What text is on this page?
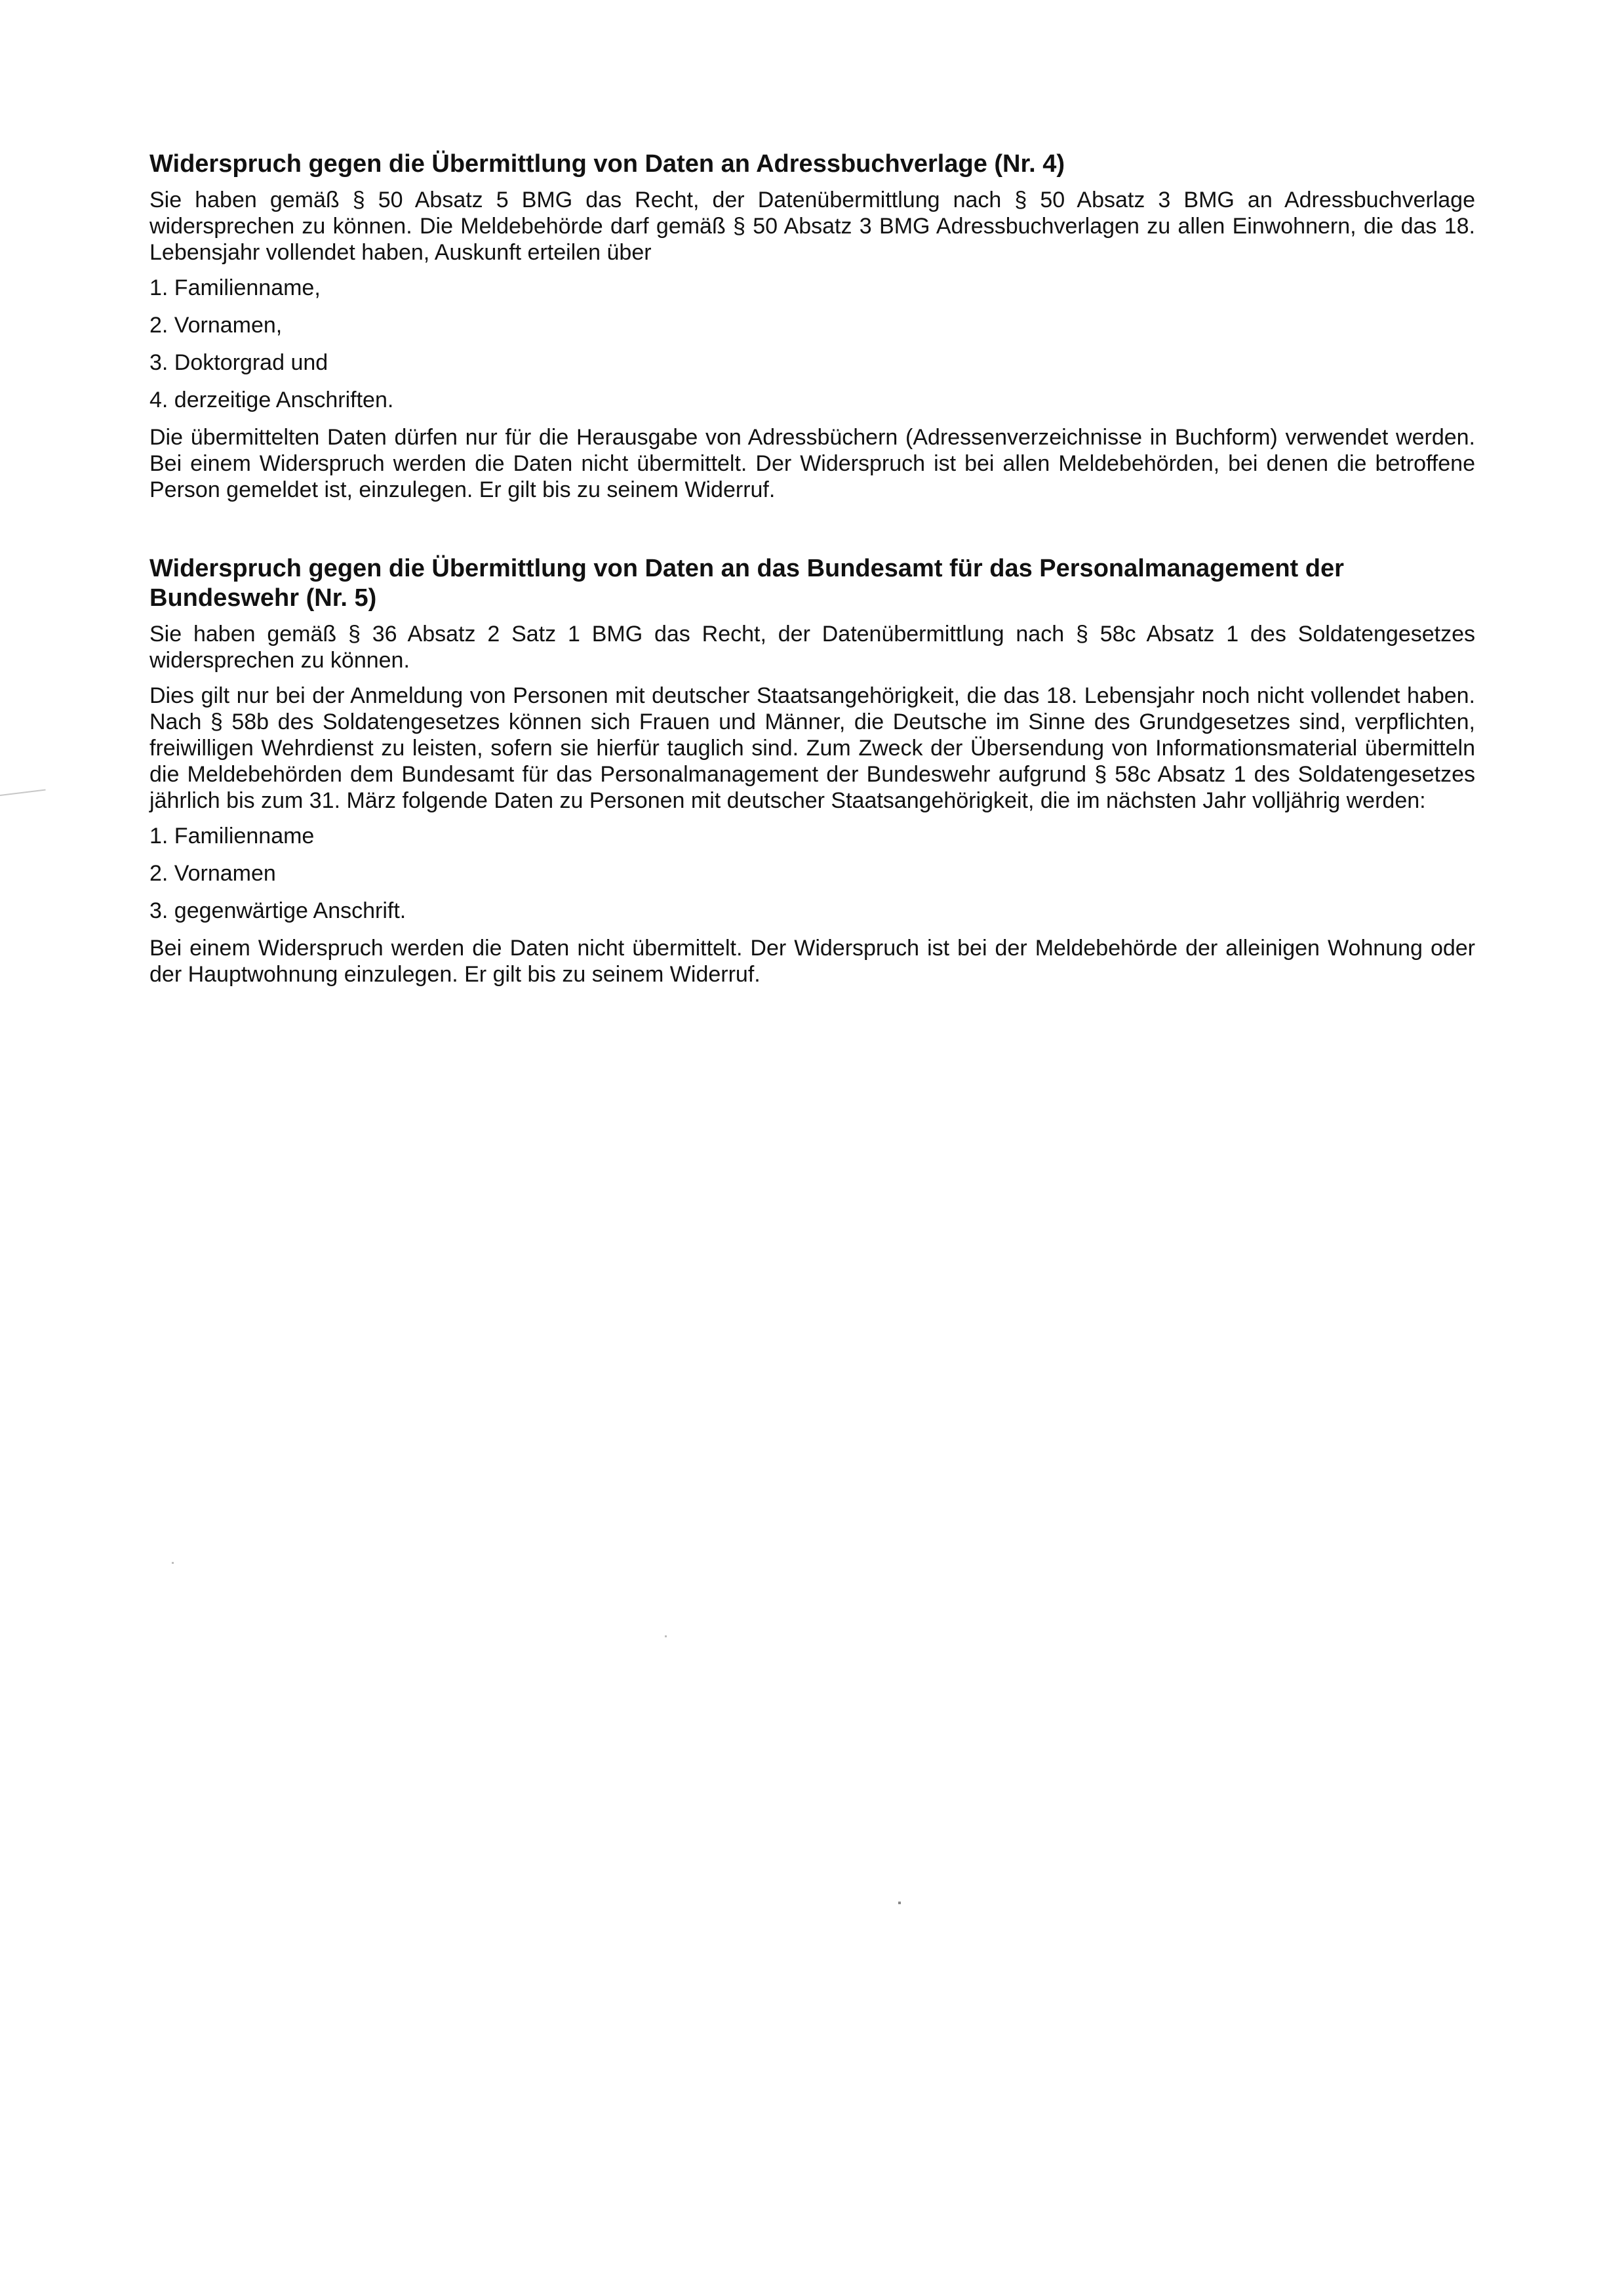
Widerspruch gegen die Übermittlung von Daten an Adressbuchverlage (Nr. 4)

Sie haben gemäß § 50 Absatz 5 BMG das Recht, der Datenübermittlung nach § 50 Absatz 3 BMG an Adressbuchverlage widersprechen zu können. Die Meldebehörde darf gemäß § 50 Absatz 3 BMG Adressbuchverlagen zu allen Einwohnern, die das 18. Lebensjahr vollendet haben, Auskunft erteilen über

1. Familienname,
2. Vornamen,
3. Doktorgrad und
4. derzeitige Anschriften.

Die übermittelten Daten dürfen nur für die Herausgabe von Adressbüchern (Adressenverzeichnisse in Buchform) verwendet werden. Bei einem Widerspruch werden die Daten nicht übermittelt. Der Widerspruch ist bei allen Meldebehörden, bei denen die betroffene Person gemeldet ist, einzulegen. Er gilt bis zu seinem Widerruf.

Widerspruch gegen die Übermittlung von Daten an das Bundesamt für das Personalmanagement der Bundeswehr (Nr. 5)

Sie haben gemäß § 36 Absatz 2 Satz 1 BMG das Recht, der Datenübermittlung nach § 58c Absatz 1 des Soldatengesetzes widersprechen zu können.

Dies gilt nur bei der Anmeldung von Personen mit deutscher Staatsangehörigkeit, die das 18. Lebensjahr noch nicht vollendet haben. Nach § 58b des Soldatengesetzes können sich Frauen und Männer, die Deutsche im Sinne des Grundgesetzes sind, verpflichten, freiwilligen Wehrdienst zu leisten, sofern sie hierfür tauglich sind. Zum Zweck der Übersendung von Informationsmaterial übermitteln die Meldebehörden dem Bundesamt für das Personalmanagement der Bundeswehr aufgrund § 58c Absatz 1 des Soldatengesetzes jährlich bis zum 31. März folgende Daten zu Personen mit deutscher Staatsangehörigkeit, die im nächsten Jahr volljährig werden:

1. Familienname
2. Vornamen
3. gegenwärtige Anschrift.

Bei einem Widerspruch werden die Daten nicht übermittelt. Der Widerspruch ist bei der Meldebehörde der alleinigen Wohnung oder der Hauptwohnung einzulegen. Er gilt bis zu seinem Widerruf.
